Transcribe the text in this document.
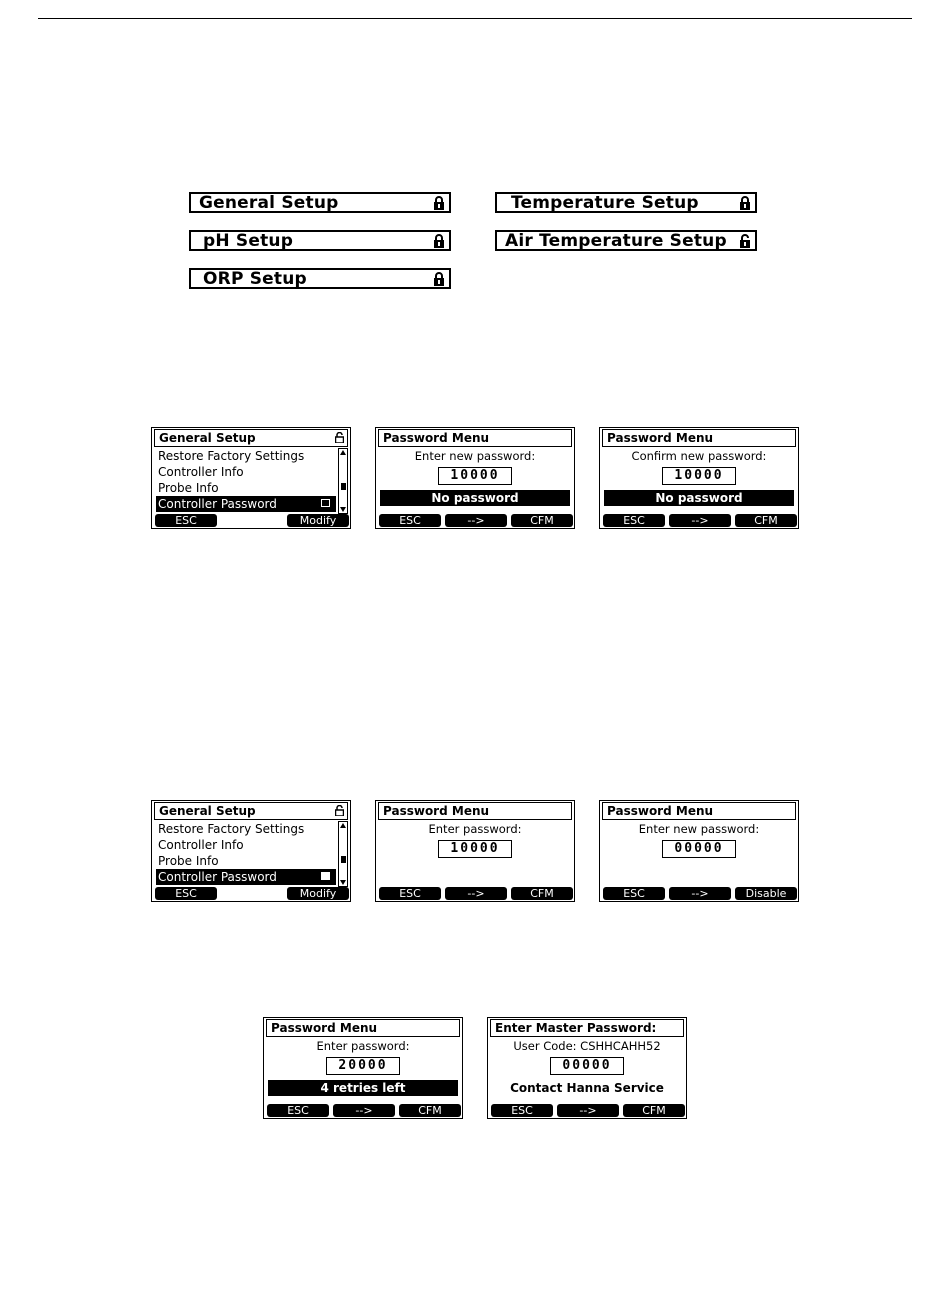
General Setup	Temperature Setup
pH Setup	Air Temperature Setup
ORP Setup
General Setup
Restore Factory Settings
Controller Info
Probe Info
Controller Password
ESC	Modify
Password Menu
Enter new password:
10000
No password
ESC	-->	CFM
Password Menu
Confirm new password:
10000
No password
ESC	-->	CFM
General Setup
Restore Factory Settings
Controller Info
Probe Info
Controller Password
ESC	Modify
Password Menu
Enter password:
10000
ESC	-->	CFM
Password Menu
Enter new password:
00000
ESC	-->	Disable
Password Menu
Enter password:
20000
4 retries left
ESC	-->	CFM
Enter Master Password:
User Code: CSHHCAHH52
00000
Contact Hanna Service
ESC	-->	CFM
